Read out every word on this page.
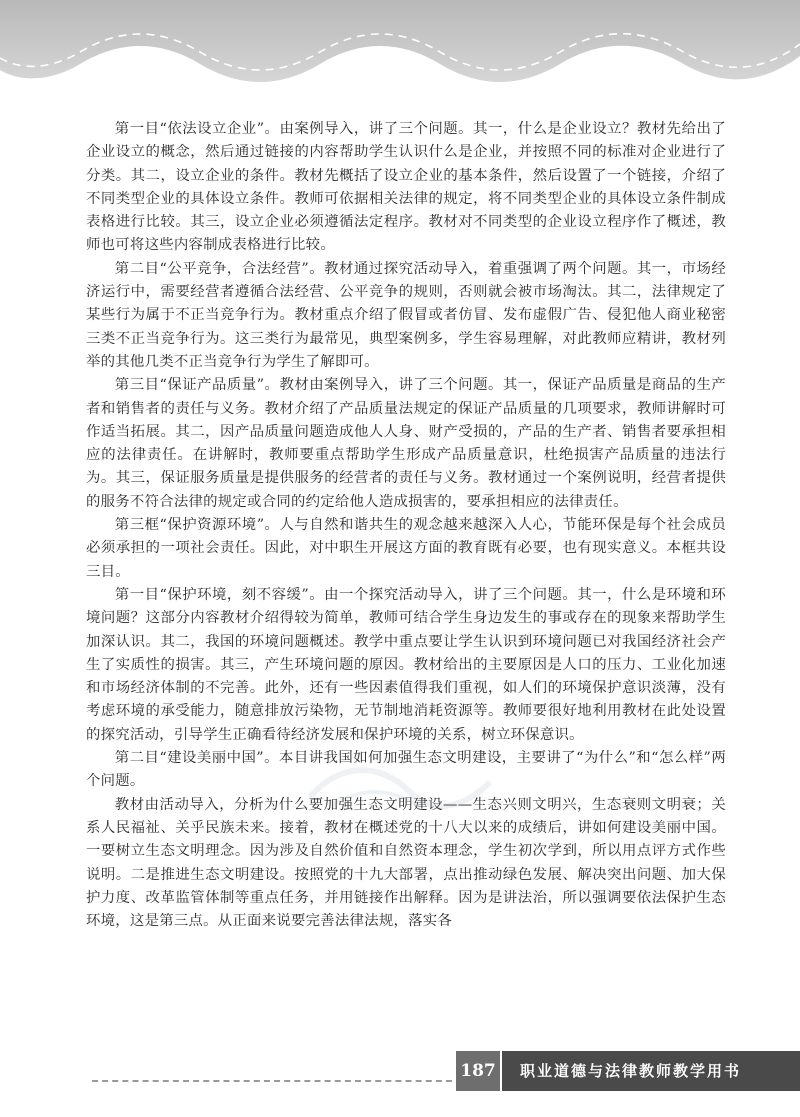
第一目“依法设立企业”。由案例导入，讲了三个问题。其一，什么是企业设立？教材先给出了企业设立的概念，然后通过链接的内容帮助学生认识什么是企业，并按照不同的标准对企业进行了分类。其二，设立企业的条件。教材先概括了设立企业的基本条件，然后设置了一个链接，介绍了不同类型企业的具体设立条件。教师可依据相关法律的规定，将不同类型企业的具体设立条件制成表格进行比较。其三，设立企业必须遵循法定程序。教材对不同类型的企业设立程序作了概述，教师也可将这些内容制成表格进行比较。

第二目“公平竞争，合法经营”。教材通过探究活动导入，着重强调了两个问题。其一，市场经济运行中，需要经营者遵循合法经营、公平竞争的规则，否则就会被市场淘汰。其二，法律规定了某些行为属于不正当竞争行为。教材重点介绍了假冒或者仿冒、发布虚假广告、侵犯他人商业秘密三类不正当竞争行为。这三类行为最常见，典型案例多，学生容易理解，对此教师应精讲，教材列举的其他几类不正当竞争行为学生了解即可。

第三目“保证产品质量”。教材由案例导入，讲了三个问题。其一，保证产品质量是商品的生产者和销售者的责任与义务。教材介绍了产品质量法规定的保证产品质量的几项要求，教师讲解时可作适当拓展。其二，因产品质量问题造成他人人身、财产受损的，产品的生产者、销售者要承担相应的法律责任。在讲解时，教师要重点帮助学生形成产品质量意识，杜绝损害产品质量的违法行为。其三，保证服务质量是提供服务的经营者的责任与义务。教材通过一个案例说明，经营者提供的服务不符合法律的规定或合同的约定给他人造成损害的，要承担相应的法律责任。

第三框“保护资源环境”。人与自然和谐共生的观念越来越深入人心，节能环保是每个社会成员必须承担的一项社会责任。因此，对中职生开展这方面的教育既有必要，也有现实意义。本框共设三目。

第一目“保护环境，刻不容缓”。由一个探究活动导入，讲了三个问题。其一，什么是环境和环境问题？这部分内容教材介绍得较为简单，教师可结合学生身边发生的事或存在的现象来帮助学生加深认识。其二，我国的环境问题概述。教学中重点要让学生认识到环境问题已对我国经济社会产生了实质性的损害。其三，产生环境问题的原因。教材给出的主要原因是人口的压力、工业化加速和市场经济体制的不完善。此外，还有一些因素值得我们重视，如人们的环境保护意识淡薄，没有考虑环境的承受能力，随意排放污染物，无节制地消耗资源等。教师要很好地利用教材在此处设置的探究活动，引导学生正确看待经济发展和保护环境的关系，树立环保意识。

第二目“建设美丽中国”。本目讲我国如何加强生态文明建设，主要讲了“为什么”和“怎么样”两个问题。

教材由活动导入，分析为什么要加强生态文明建设——生态兴则文明兴，生态衰则文明衰；关系人民福祉、关乎民族未来。接着，教材在概述党的十八大以来的成绩后，讲如何建设美丽中国。一要树立生态文明理念。因为涉及自然价值和自然资本理念，学生初次学到，所以用点评方式作些说明。二是推进生态文明建设。按照党的十九大部署，点出推动绿色发展、解决突出问题、加大保护力度、改革监管体制等重点任务，并用链接作出解释。因为是讲法治，所以强调要依法保护生态环境，这是第三点。从正面来说要完善法律法规，落实各

187	职业道德与法律教师教学用书
